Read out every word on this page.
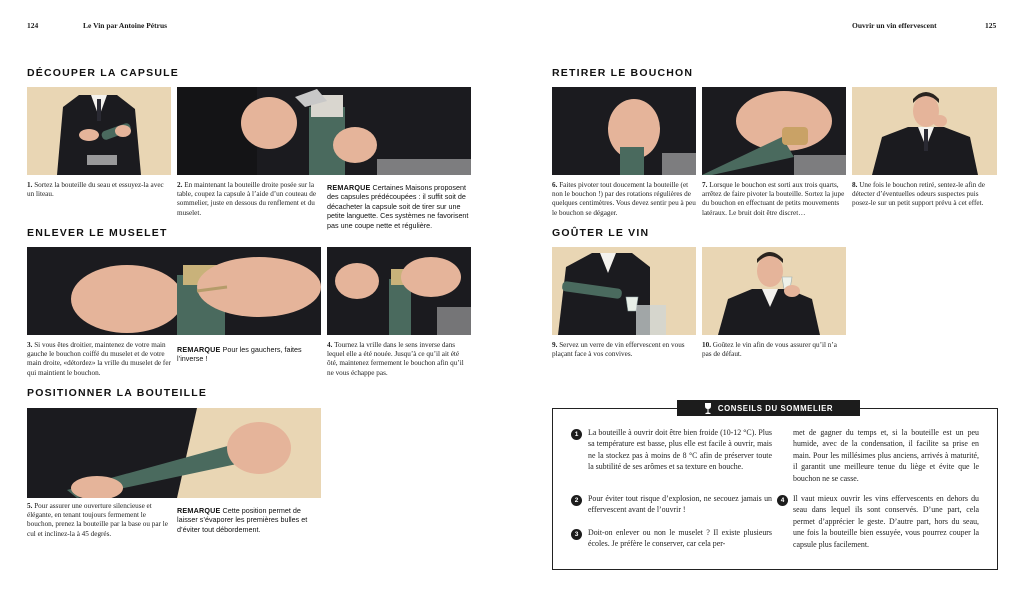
124	Le Vin par Antoine Pétrus	Ouvrir un vin effervescent	125
DÉCOUPER LA CAPSULE
ENLEVER LE MUSELET
POSITIONNER LA BOUTEILLE
RETIRER LE BOUCHON
GOÛTER LE VIN
1. Sortez la bouteille du seau et essuyez-la avec un liteau.
2. En maintenant la bouteille droite posée sur la table, coupez la capsule à l’aide d’un couteau de sommelier, juste en dessous du renflement et du muselet.
3. Si vous êtes droitier, maintenez de votre main gauche le bouchon coiffé du muselet et de votre main droite, «détordez» la vrille du muselet de fer qui maintient le bouchon.
4. Tournez la vrille dans le sens inverse dans lequel elle a été nouée. Jusqu’à ce qu’il ait été ôté, maintenez fermement le bouchon afin qu’il ne vous échappe pas.
5. Pour assurer une ouverture silencieuse et élégante, en tenant toujours fermement le bouchon, prenez la bouteille par la base ou par le cul et inclinez-la à 45 degrés.
6. Faites pivoter tout doucement la bouteille (et non le bouchon !) par des rotations régulières de quelques centimètres. Vous devez sentir peu à peu le bouchon se dégager.
7. Lorsque le bouchon est sorti aux trois quarts, arrêtez de faire pivoter la bouteille. Sortez la jupe du bouchon en effectuant de petits mouvements latéraux. Le bruit doit être discret…
8. Une fois le bouchon retiré, sentez-le afin de détecter d’éventuelles odeurs suspectes puis posez-le sur un petit support prévu à cet effet.
9. Servez un verre de vin effervescent en vous plaçant face à vos convives.
10. Goûtez le vin afin de vous assurer qu’il n’a pas de défaut.
REMARQUE Certaines Maisons proposent des capsules prédécoupées : il suffit soit de décacheter la capsule soit de tirer sur une petite languette. Ces systèmes ne favorisent pas une coupe nette et régulière.
REMARQUE Pour les gauchers, faites l’inverse !
REMARQUE Cette position permet de laisser s’évaporer les premières bulles et d’éviter tout débordement.
CONSEILS DU SOMMELIER
1	La bouteille à ouvrir doit être bien froide (10-12 °C). Plus sa température est basse, plus elle est facile à ouvrir, mais ne la stockez pas à moins de 8 °C afin de préserver toute la subtilité de ses arômes et sa texture en bouche.
2	Pour éviter tout risque d’explosion, ne secouez jamais un effervescent avant de l’ouvrir !
3	Doit-on enlever ou non le muselet ? Il existe plusieurs écoles. Je préfère le conserver, car cela per-
met de gagner du temps et, si la bouteille est un peu humide, avec de la condensation, il facilite sa prise en main. Pour les millésimes plus anciens, arrivés à maturité, il garantit une meilleure tenue du liège et évite que le bouchon ne se casse.
4	Il vaut mieux ouvrir les vins effervescents en dehors du seau dans lequel ils sont conservés. D’une part, cela permet d’apprécier le geste. D’autre part, hors du seau, une fois la bouteille bien essuyée, vous pourrez couper la capsule plus facilement.
